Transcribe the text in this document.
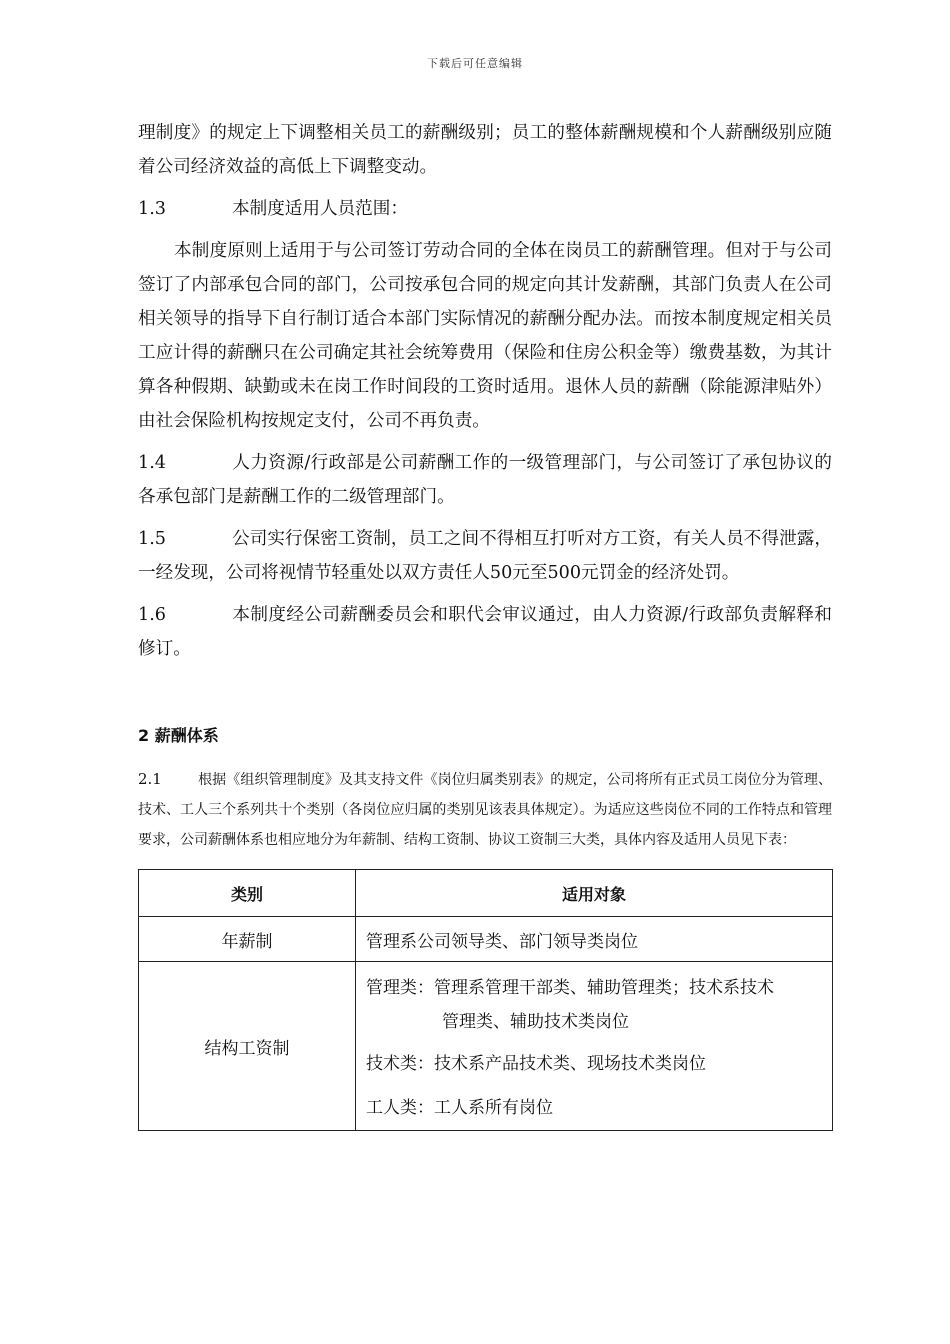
下载后可任意编辑

理制度》的规定上下调整相关员工的薪酬级别；员工的整体薪酬规模和个人薪酬级别应随着公司经济效益的高低上下调整变动。

1.3	本制度适用人员范围：

本制度原则上适用于与公司签订劳动合同的全体在岗员工的薪酬管理。但对于与公司签订了内部承包合同的部门，公司按承包合同的规定向其计发薪酬，其部门负责人在公司相关领导的指导下自行制订适合本部门实际情况的薪酬分配办法。而按本制度规定相关员工应计得的薪酬只在公司确定其社会统筹费用（保险和住房公积金等）缴费基数，为其计算各种假期、缺勤或未在岗工作时间段的工资时适用。退休人员的薪酬（除能源津贴外）由社会保险机构按规定支付，公司不再负责。

1.4	人力资源/行政部是公司薪酬工作的一级管理部门，与公司签订了承包协议的各承包部门是薪酬工作的二级管理部门。

1.5	公司实行保密工资制，员工之间不得相互打听对方工资，有关人员不得泄露，一经发现，公司将视情节轻重处以双方责任人50元至500元罚金的经济处罚。

1.6	本制度经公司薪酬委员会和职代会审议通过，由人力资源/行政部负责解释和修订。

2 薪酬体系

2.1	根据《组织管理制度》及其支持文件《岗位归属类别表》的规定，公司将所有正式员工岗位分为管理、技术、工人三个系列共十个类别（各岗位应归属的类别见该表具体规定）。为适应这些岗位不同的工作特点和管理要求，公司薪酬体系也相应地分为年薪制、结构工资制、协议工资制三大类，具体内容及适用人员见下表：

类别	适用对象
年薪制	管理系公司领导类、部门领导类岗位
结构工资制	管理类：管理系管理干部类、辅助管理类；技术系技术
管理类、辅助技术类岗位
技术类：技术系产品技术类、现场技术类岗位
工人类：工人系所有岗位
